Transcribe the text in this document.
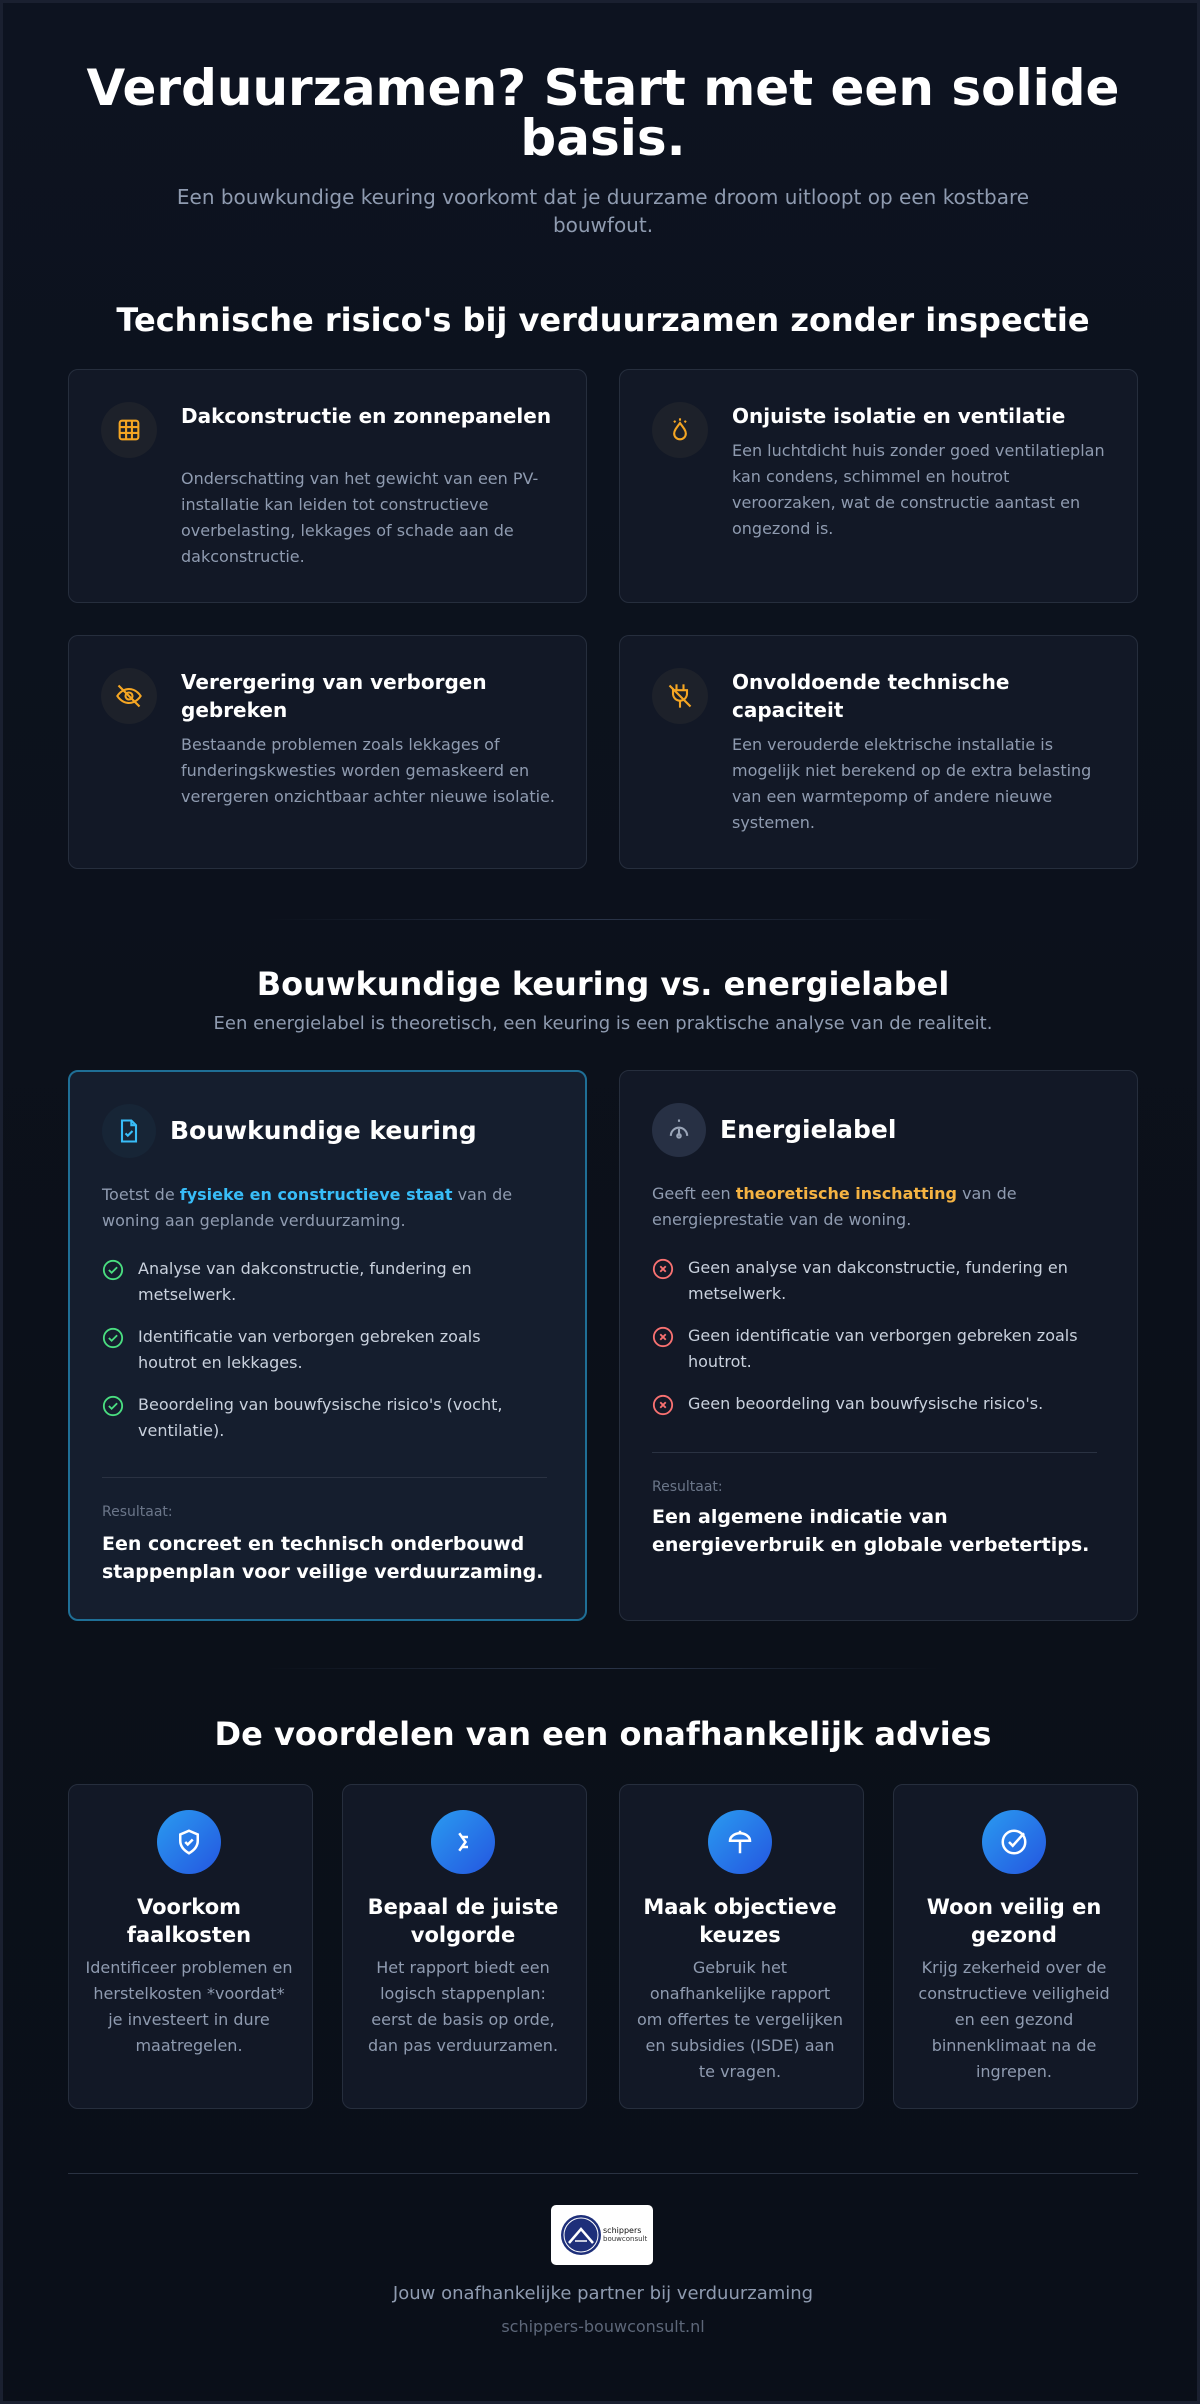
Verduurzamen? Start met een solide basis.

Een bouwkundige keuring voorkomt dat je duurzame droom uitloopt op een kostbare bouwfout.

Technische risico's bij verduurzamen zonder inspectie
Dakconstructie en zonnepanelen
Onderschatting van het gewicht van een PV-installatie kan leiden tot constructieve overbelasting, lekkages of schade aan de dakconstructie.
Onjuiste isolatie en ventilatie
Een luchtdicht huis zonder goed ventilatieplan kan condens, schimmel en houtrot veroorzaken, wat de constructie aantast en ongezond is.
Verergering van verborgen gebreken
Bestaande problemen zoals lekkages of funderingskwesties worden gemaskeerd en verergeren onzichtbaar achter nieuwe isolatie.
Onvoldoende technische capaciteit
Een verouderde elektrische installatie is mogelijk niet berekend op de extra belasting van een warmtepomp of andere nieuwe systemen.
Bouwkundige keuring vs. energielabel

Een energielabel is theoretisch, een keuring is een praktische analyse van de realiteit.

Bouwkundige keuring
Toetst de fysieke en constructieve staat van de woning aan geplande verduurzaming.
Analyse van dakconstructie, fundering en metselwerk.
Identificatie van verborgen gebreken zoals houtrot en lekkages.
Beoordeling van bouwfysische risico's (vocht, ventilatie).
Resultaat:
Een concreet en technisch onderbouwd stappenplan voor veilige verduurzaming.
Energielabel
Geeft een theoretische inschatting van de energieprestatie van de woning.
Geen analyse van dakconstructie, fundering en metselwerk.
Geen identificatie van verborgen gebreken zoals houtrot.
Geen beoordeling van bouwfysische risico's.
Resultaat:
Een algemene indicatie van energieverbruik en globale verbetertips.
De voordelen van een onafhankelijk advies
Voorkom faalkosten
Identificeer problemen en herstelkosten *voordat* je investeert in dure maatregelen.
Bepaal de juiste volgorde
Het rapport biedt een logisch stappenplan: eerst de basis op orde, dan pas verduurzamen.
Maak objectieve keuzes
Gebruik het onafhankelijke rapport om offertes te vergelijken en subsidies (ISDE) aan te vragen.
Woon veilig en gezond
Krijg zekerheid over de constructieve veiligheid en een gezond binnenklimaat na de ingrepen.
schippers
bouwconsult
Jouw onafhankelijke partner bij verduurzaming
schippers-bouwconsult.nl
